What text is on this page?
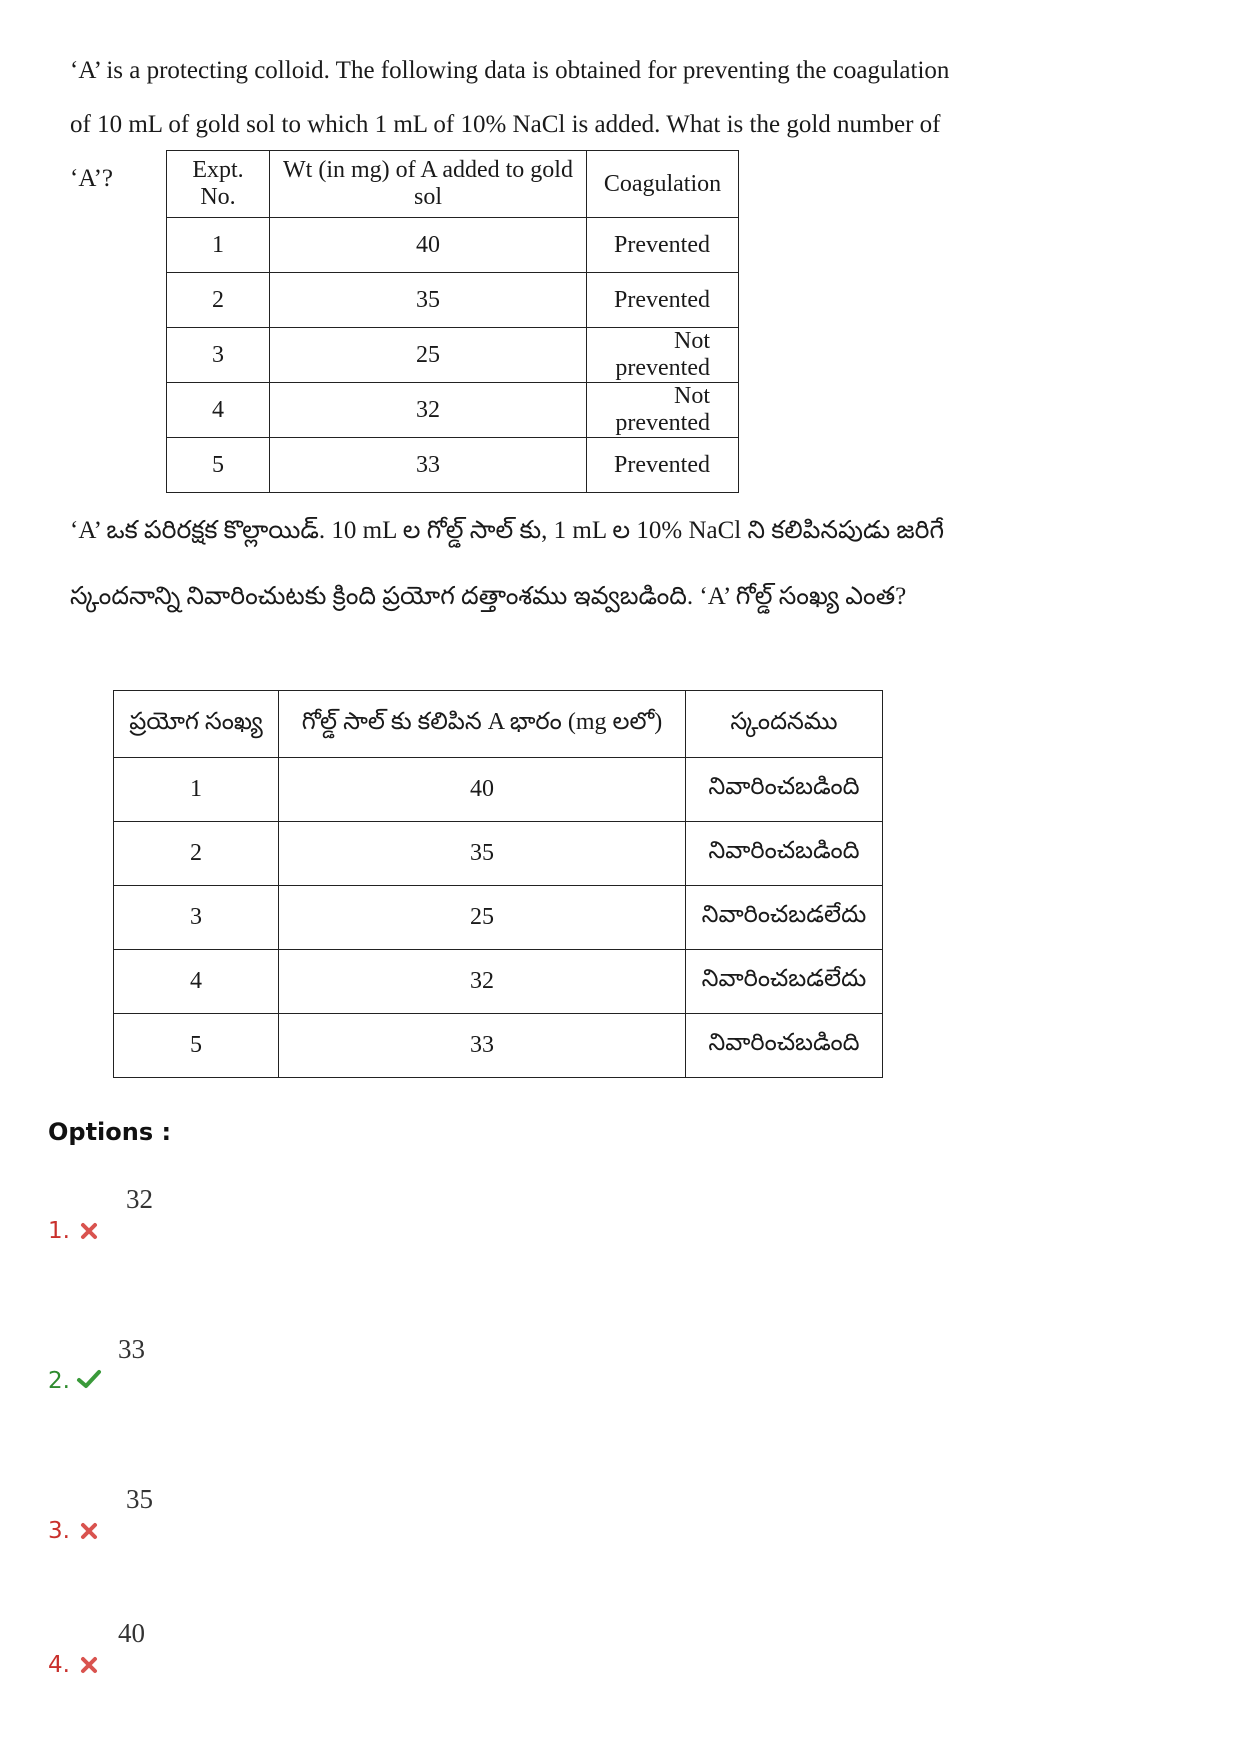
‘A’ is a protecting colloid. The following data is obtained for preventing the coagulation of 10 mL of gold sol to which 1 mL of 10% NaCl is added. What is the gold number of ‘A’?	Expt. No.	Wt (in mg) of A added to gold sol	Coagulation
1	40	Prevented
2	35	Prevented
3	25	Not prevented
4	32	Not prevented
5	33	Prevented
‘A’ ఒక పరిరక్షక కొల్లాయిడ్. 10 mL ల గోల్డ్ సాల్ కు, 1 mL ల 10% NaCl ని కలిపినపుడు జరిగే స్కందనాన్ని నివారించుటకు క్రింది ప్రయోగ దత్తాంశము ఇవ్వబడింది. ‘A’ గోల్డ్ సంఖ్య ఎంత?
ప్రయోగ సంఖ్య	గోల్డ్ సాల్ కు కలిపిన A భారం (mg లలో)	స్కందనము
1	40	నివారించబడింది
2	35	నివారించబడింది
3	25	నివారించబడలేదు
4	32	నివారించబడలేదు
5	33	నివారించబడింది
Options :
1.
32
2.
33
3.
35
4.
40
